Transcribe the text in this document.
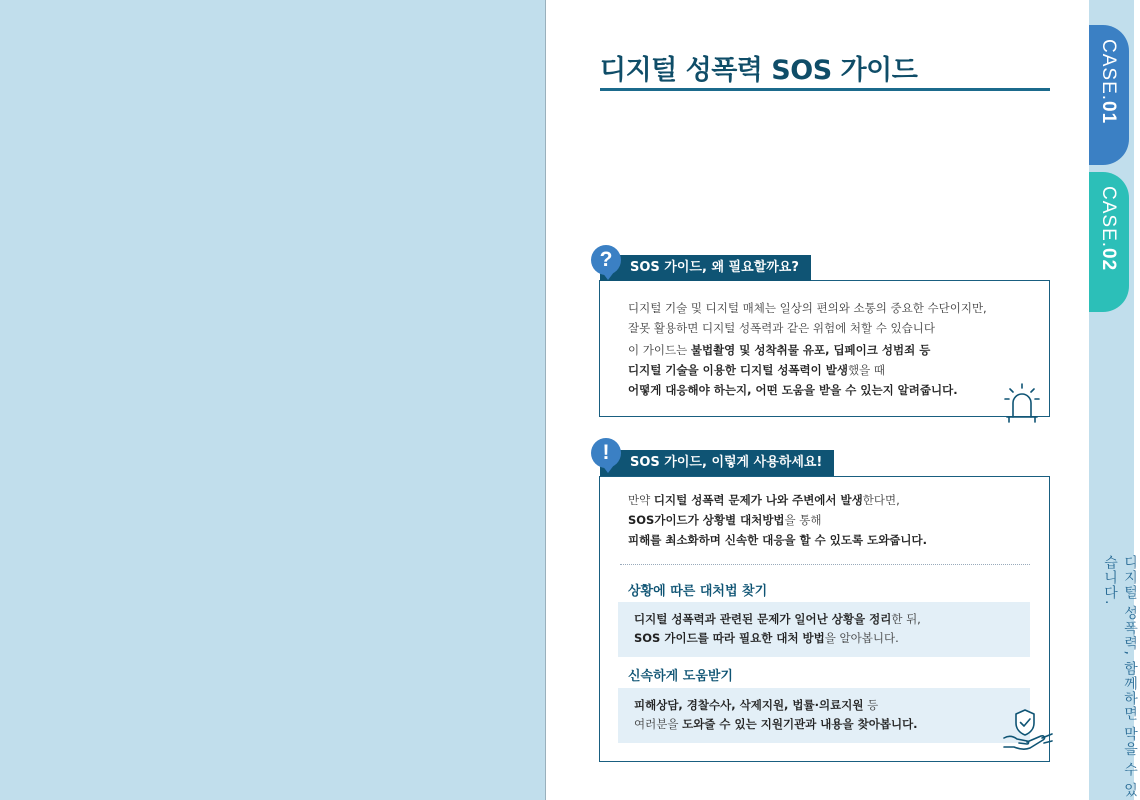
CASE.01
CASE.02
디지털 성폭력, 함께하면 막을 수 있습니다.
디지털 성폭력 SOS 가이드
?	SOS 가이드, 왜 필요할까요?
디지털 기술 및 디지털 매체는 일상의 편의와 소통의 중요한 수단이지만,
잘못 활용하면 디지털 성폭력과 같은 위험에 처할 수 있습니다
이 가이드는 불법촬영 및 성착취물 유포, 딥페이크 성범죄 등
디지털 기술을 이용한 디지털 성폭력이 발생했을 때
어떻게 대응해야 하는지, 어떤 도움을 받을 수 있는지 알려줍니다.
!	SOS 가이드, 이렇게 사용하세요!
만약 디지털 성폭력 문제가 나와 주변에서 발생한다면,
SOS가이드가 상황별 대처방법을 통해
피해를 최소화하며 신속한 대응을 할 수 있도록 도와줍니다.
상황에 따른 대처법 찾기
디지털 성폭력과 관련된 문제가 일어난 상황을 정리한 뒤,
SOS 가이드를 따라 필요한 대처 방법을 알아봅니다.
신속하게 도움받기
피해상담, 경찰수사, 삭제지원, 법률·의료지원 등
여러분을 도와줄 수 있는 지원기관과 내용을 찾아봅니다.
